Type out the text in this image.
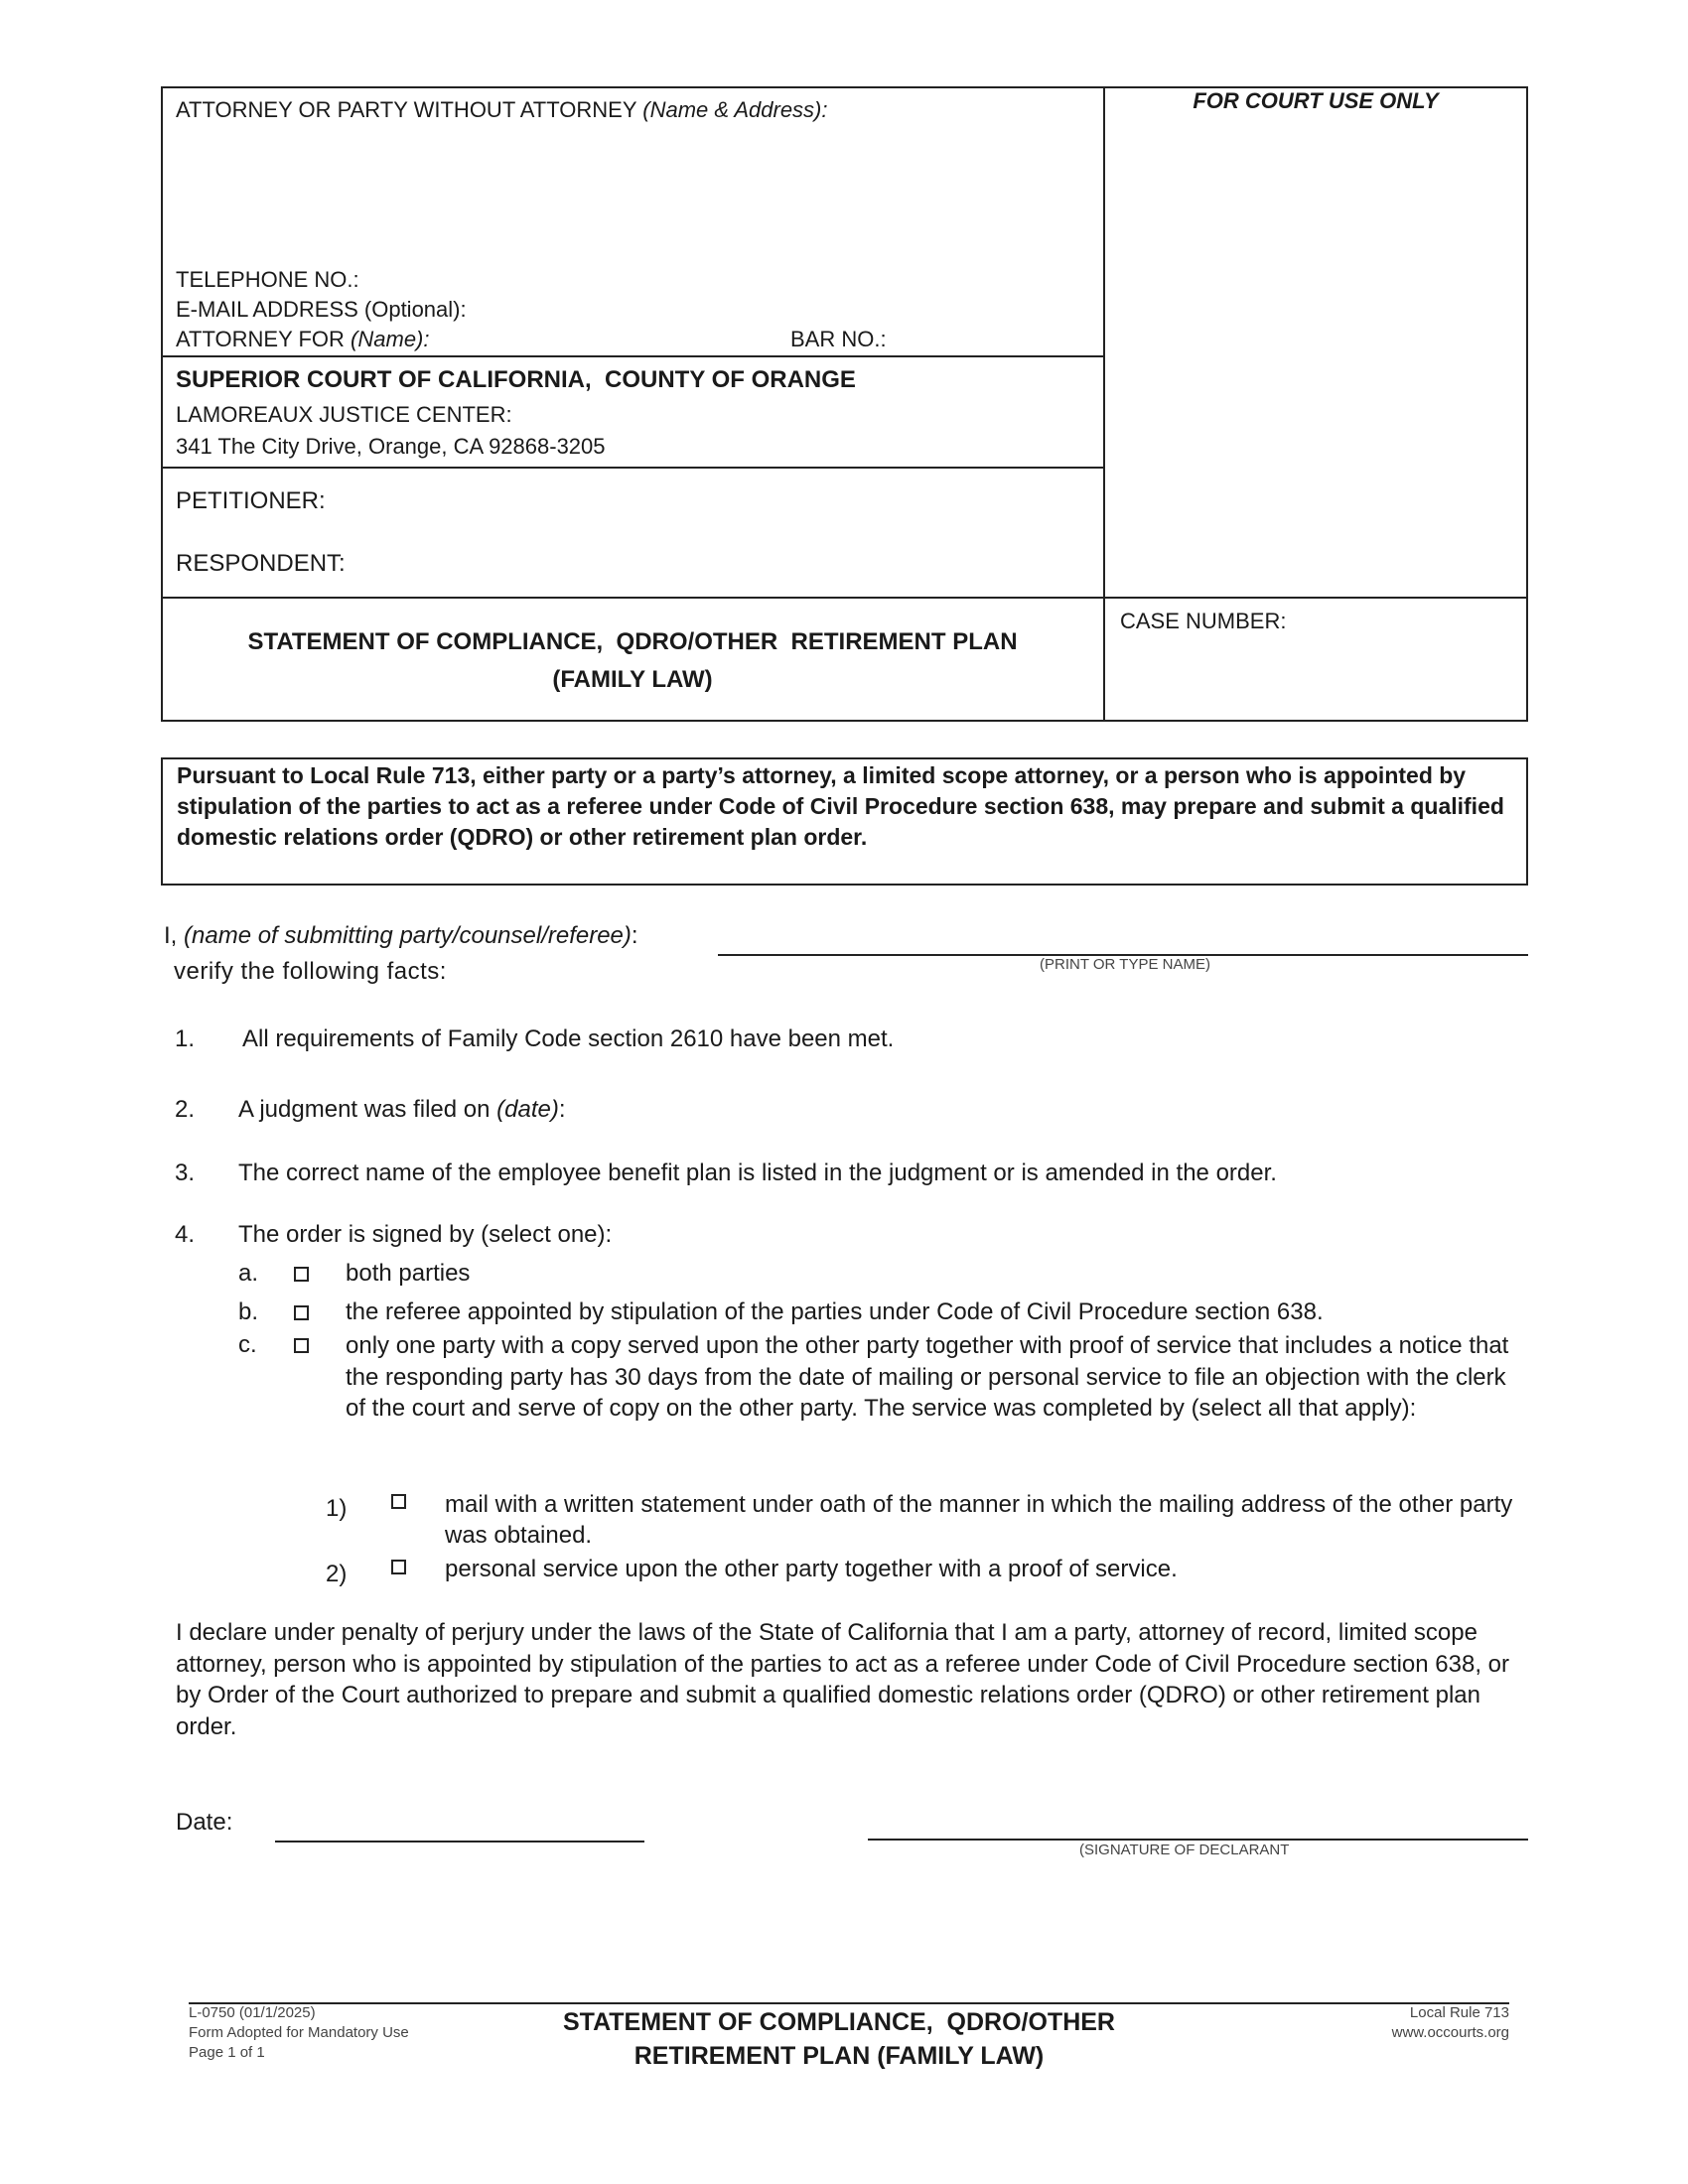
ATTORNEY OR PARTY WITHOUT ATTORNEY (Name & Address):
TELEPHONE NO.:
E-MAIL ADDRESS (Optional):
ATTORNEY FOR (Name):	BAR NO.:
FOR COURT USE ONLY
SUPERIOR COURT OF CALIFORNIA,  COUNTY OF ORANGE
LAMOREAUX JUSTICE CENTER:
341 The City Drive, Orange, CA 92868-3205
PETITIONER:
RESPONDENT:
STATEMENT OF COMPLIANCE,  QDRO/OTHER  RETIREMENT PLAN
(FAMILY LAW)
CASE NUMBER:
Pursuant to Local Rule 713, either party or a party’s attorney, a limited scope attorney, or a person who is appointed by stipulation of the parties to act as a referee under Code of Civil Procedure section 638, may prepare and submit a qualified domestic relations order (QDRO) or other retirement plan order.
I, (name of submitting party/counsel/referee):
(PRINT OR TYPE NAME)
verify the following facts:
1. All requirements of Family Code section 2610 have been met.
2. A judgment was filed on (date):
3. The correct name of the employee benefit plan is listed in the judgment or is amended in the order.
4. The order is signed by (select one):
a.	both parties
b.	the referee appointed by stipulation of the parties under Code of Civil Procedure section 638.
c.	only one party with a copy served upon the other party together with proof of service that includes a notice that the responding party has 30 days from the date of mailing or personal service to file an objection with the clerk of the court and serve of copy on the other party. The service was completed by (select all that apply):
1)	mail with a written statement under oath of the manner in which the mailing address of the other party was obtained.
2)	personal service upon the other party together with a proof of service.
I declare under penalty of perjury under the laws of the State of California that I am a party, attorney of record, limited scope attorney, person who is appointed by stipulation of the parties to act as a referee under Code of Civil Procedure section 638, or by Order of the Court authorized to prepare and submit a qualified domestic relations order (QDRO) or other retirement plan order.
Date:
(SIGNATURE OF DECLARANT
L-0750 (01/1/2025)
Form Adopted for Mandatory Use
Page 1 of 1
STATEMENT OF COMPLIANCE,  QDRO/OTHER
RETIREMENT PLAN (FAMILY LAW)
Local Rule 713
www.occourts.org
